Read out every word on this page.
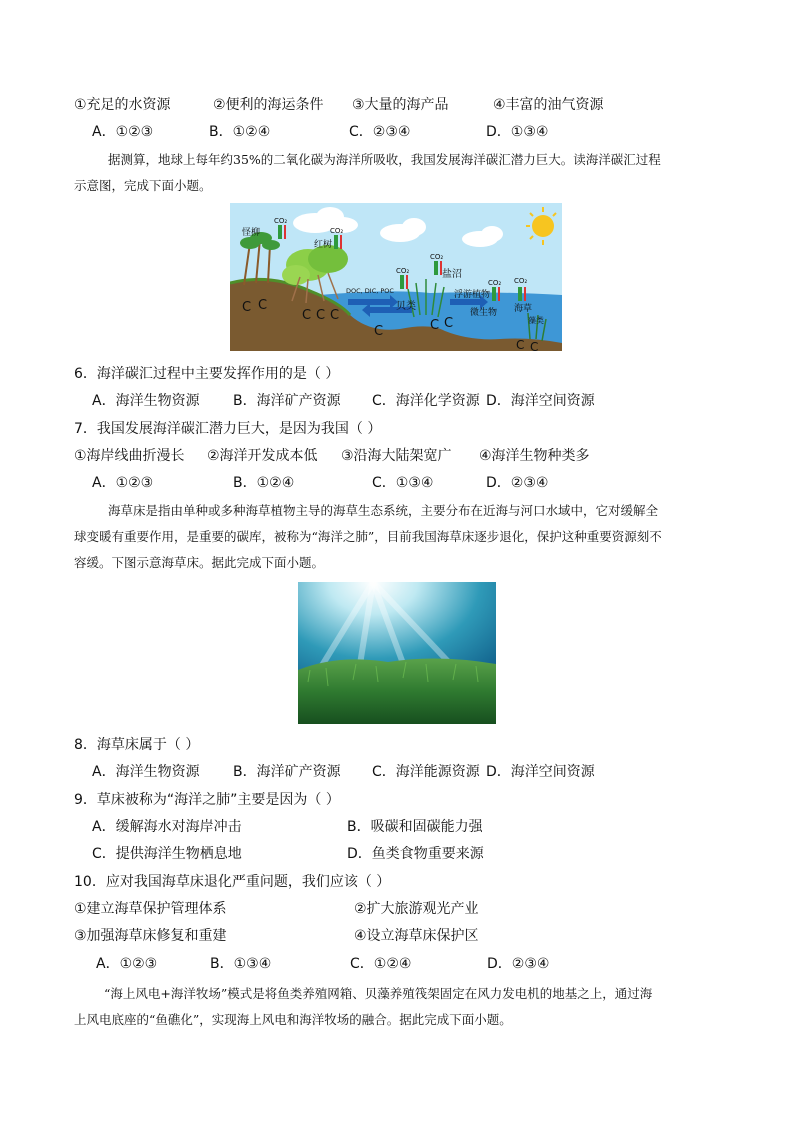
①充足的水资源	②便利的海运条件	③大量的海产品	④丰富的油气资源
A．①②③	B．①②④	C．②③④	D．①③④
据测算，地球上每年约35%的二氧化碳为海洋所吸收，我国发展海洋碳汇潜力巨大。读海洋碳汇过程
示意图，完成下面小题。
CO₂
CO₂
CO₂
CO₂
CO₂ CO₂
怪柳
红树
盐沼
DOC, DIC, POC
贝类
浮游植物
微生物 海草
藻类
C C
C C C
C	C C
C C
6．海洋碳汇过程中主要发挥作用的是（ ）
A．海洋生物资源	B．海洋矿产资源	C．海洋化学资源 D．海洋空间资源
7．我国发展海洋碳汇潜力巨大，是因为我国（ ）
①海岸线曲折漫长	②海洋开发成本低	③沿海大陆架宽广	④海洋生物种类多
A．①②③	B．①②④	C．①③④	D．②③④
海草床是指由单种或多种海草植物主导的海草生态系统，主要分布在近海与河口水域中，它对缓解全
球变暖有重要作用，是重要的碳库，被称为“海洋之肺”，目前我国海草床逐步退化，保护这种重要资源刻不
容缓。下图示意海草床。据此完成下面小题。
8．海草床属于（ ）
A．海洋生物资源	B．海洋矿产资源	C．海洋能源资源 D．海洋空间资源
9．草床被称为“海洋之肺”主要是因为（ ）
A．缓解海水对海岸冲击	B．吸碳和固碳能力强
C．提供海洋生物栖息地	D．鱼类食物重要来源
10．应对我国海草床退化严重问题，我们应该（ ）
①建立海草保护管理体系	②扩大旅游观光产业
③加强海草床修复和重建	④设立海草床保护区
A．①②③	B．①③④	C．①②④	D．②③④
“海上风电+海洋牧场”模式是将鱼类养殖网箱、贝藻养殖筏架固定在风力发电机的地基之上，通过海
上风电底座的“鱼礁化”，实现海上风电和海洋牧场的融合。据此完成下面小题。
